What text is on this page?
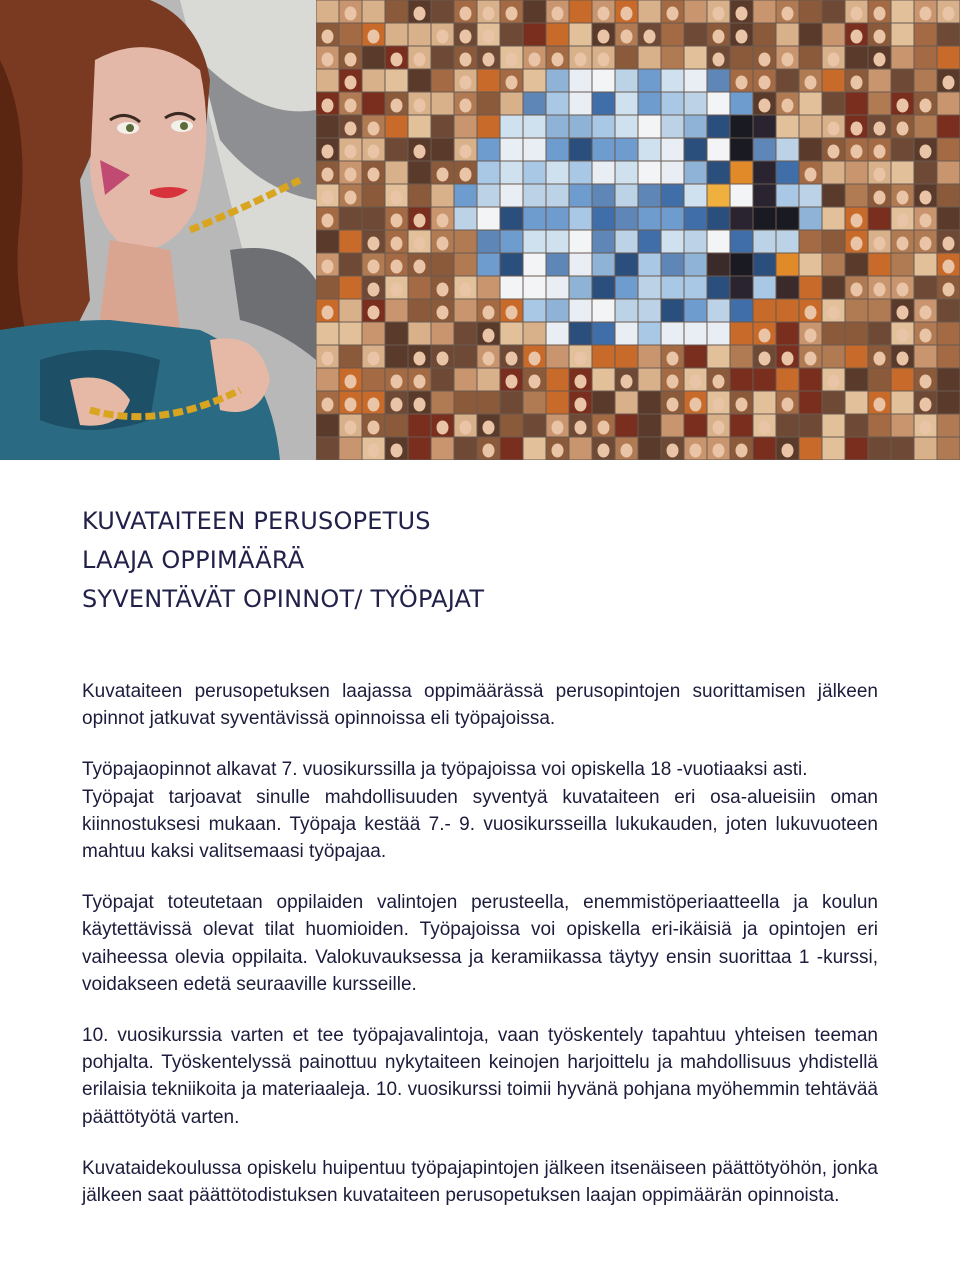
KUVATAITEEN PERUSOPETUS
LAAJA OPPIMÄÄRÄ
SYVENTÄVÄT OPINNOT/ TYÖPAJAT

Kuvataiteen perusopetuksen laajassa oppimäärässä perusopintojen suorittamisen jälkeen opinnot jatkuvat syventävissä opinnoissa eli työpajoissa.

Työpajaopinnot alkavat 7. vuosikurssilla ja työpajoissa voi opiskella 18 -vuotiaaksi asti.

Työpajat tarjoavat sinulle mahdollisuuden syventyä kuvataiteen eri osa-alueisiin oman kiinnostuksesi mukaan. Työpaja kestää 7.- 9. vuosikursseilla lukukauden, joten lukuvuoteen mahtuu kaksi valitsemaasi työpajaa.

Työpajat toteutetaan oppilaiden valintojen perusteella, enemmistöperiaatteella ja koulun käytettävissä olevat tilat huomioiden. Työpajoissa voi opiskella eri-ikäisiä ja opintojen eri vaiheessa olevia oppilaita. Valokuvauksessa ja keramiikassa täytyy ensin suorittaa 1 -kurssi, voidakseen edetä seuraaville kursseille.

10. vuosikurssia varten et tee työpajavalintoja, vaan työskentely tapahtuu yhteisen teeman pohjalta. Työskentelyssä painottuu nykytaiteen keinojen harjoittelu ja mahdollisuus yhdistellä erilaisia tekniikoita ja materiaaleja. 10. vuosikurssi toimii hyvänä pohjana myöhemmin tehtävää päättötyötä varten.

Kuvataidekoulussa opiskelu huipentuu työpajapintojen jälkeen itsenäiseen päättötyöhön, jonka jälkeen saat päättötodistuksen kuvataiteen perusopetuksen laajan oppimäärän opinnoista.
